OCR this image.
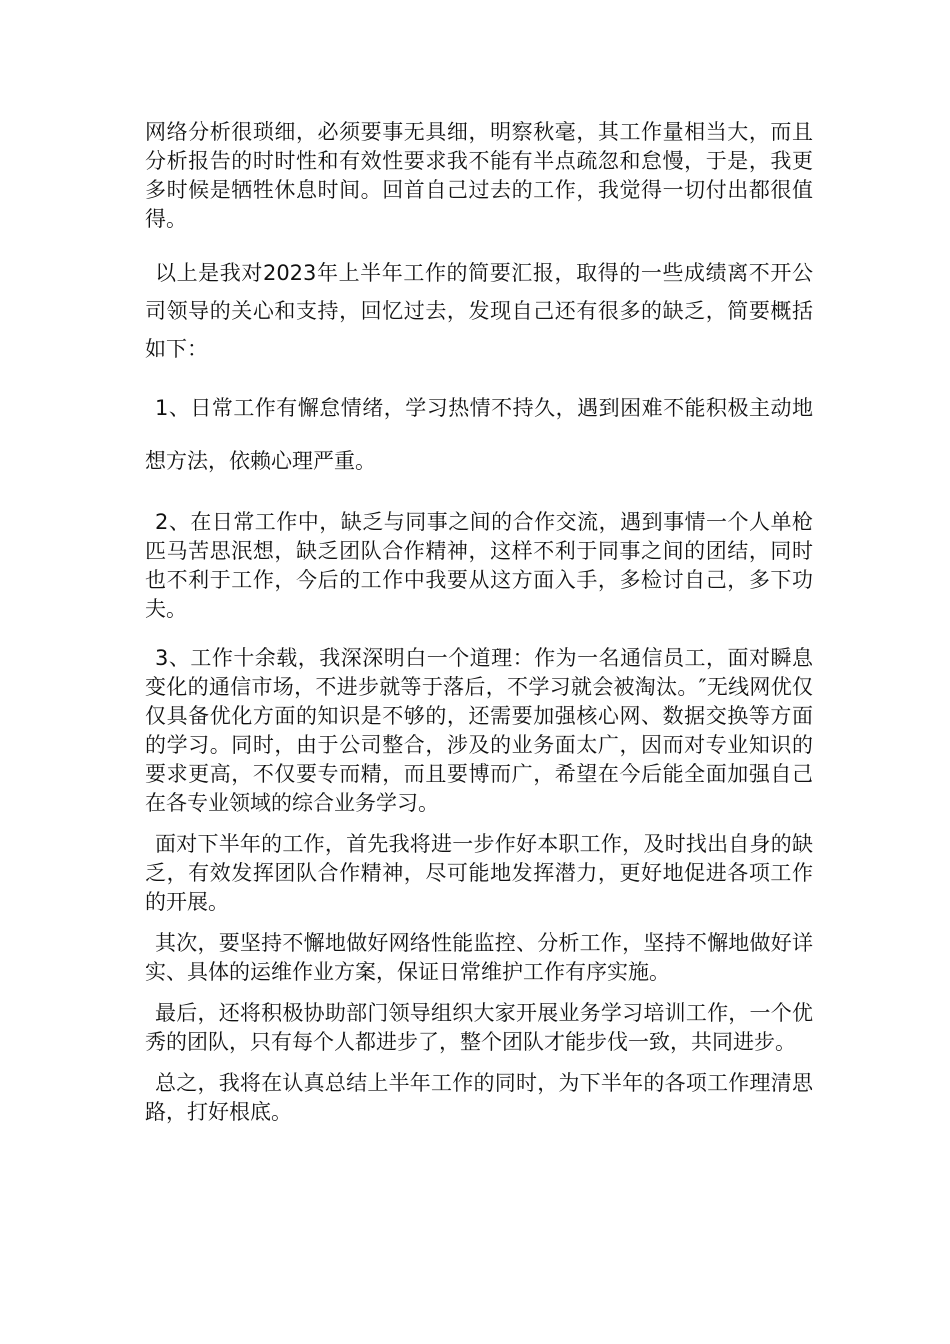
网络分析很琐细，必须要事无具细，明察秋毫，其工作量相当大，而且分析报告的时时性和有效性要求我不能有半点疏忽和怠慢，于是，我更多时候是牺牲休息时间。回首自己过去的工作，我觉得一切付出都很值得。

以上是我对2023年上半年工作的简要汇报，取得的一些成绩离不开公司领导的关心和支持，回忆过去，发现自己还有很多的缺乏，简要概括如下：

1、日常工作有懈怠情绪，学习热情不持久，遇到困难不能积极主动地想方法，依赖心理严重。

2、在日常工作中，缺乏与同事之间的合作交流，遇到事情一个人单枪匹马苦思泯想，缺乏团队合作精神，这样不利于同事之间的团结，同时也不利于工作，今后的工作中我要从这方面入手，多检讨自己，多下功夫。

3、工作十余载，我深深明白一个道理：作为一名通信员工，面对瞬息变化的通信市场，不进步就等于落后，不学习就会被淘汰。″无线网优仅仅具备优化方面的知识是不够的，还需要加强核心网、数据交换等方面的学习。同时，由于公司整合，涉及的业务面太广，因而对专业知识的要求更高，不仅要专而精，而且要博而广，希望在今后能全面加强自己在各专业领域的综合业务学习。

面对下半年的工作，首先我将进一步作好本职工作，及时找出自身的缺乏，有效发挥团队合作精神，尽可能地发挥潜力，更好地促进各项工作的开展。

其次，要坚持不懈地做好网络性能监控、分析工作，坚持不懈地做好详实、具体的运维作业方案，保证日常维护工作有序实施。

最后，还将积极协助部门领导组织大家开展业务学习培训工作，一个优秀的团队，只有每个人都进步了，整个团队才能步伐一致，共同进步。

总之，我将在认真总结上半年工作的同时，为下半年的各项工作理清思路，打好根底。
